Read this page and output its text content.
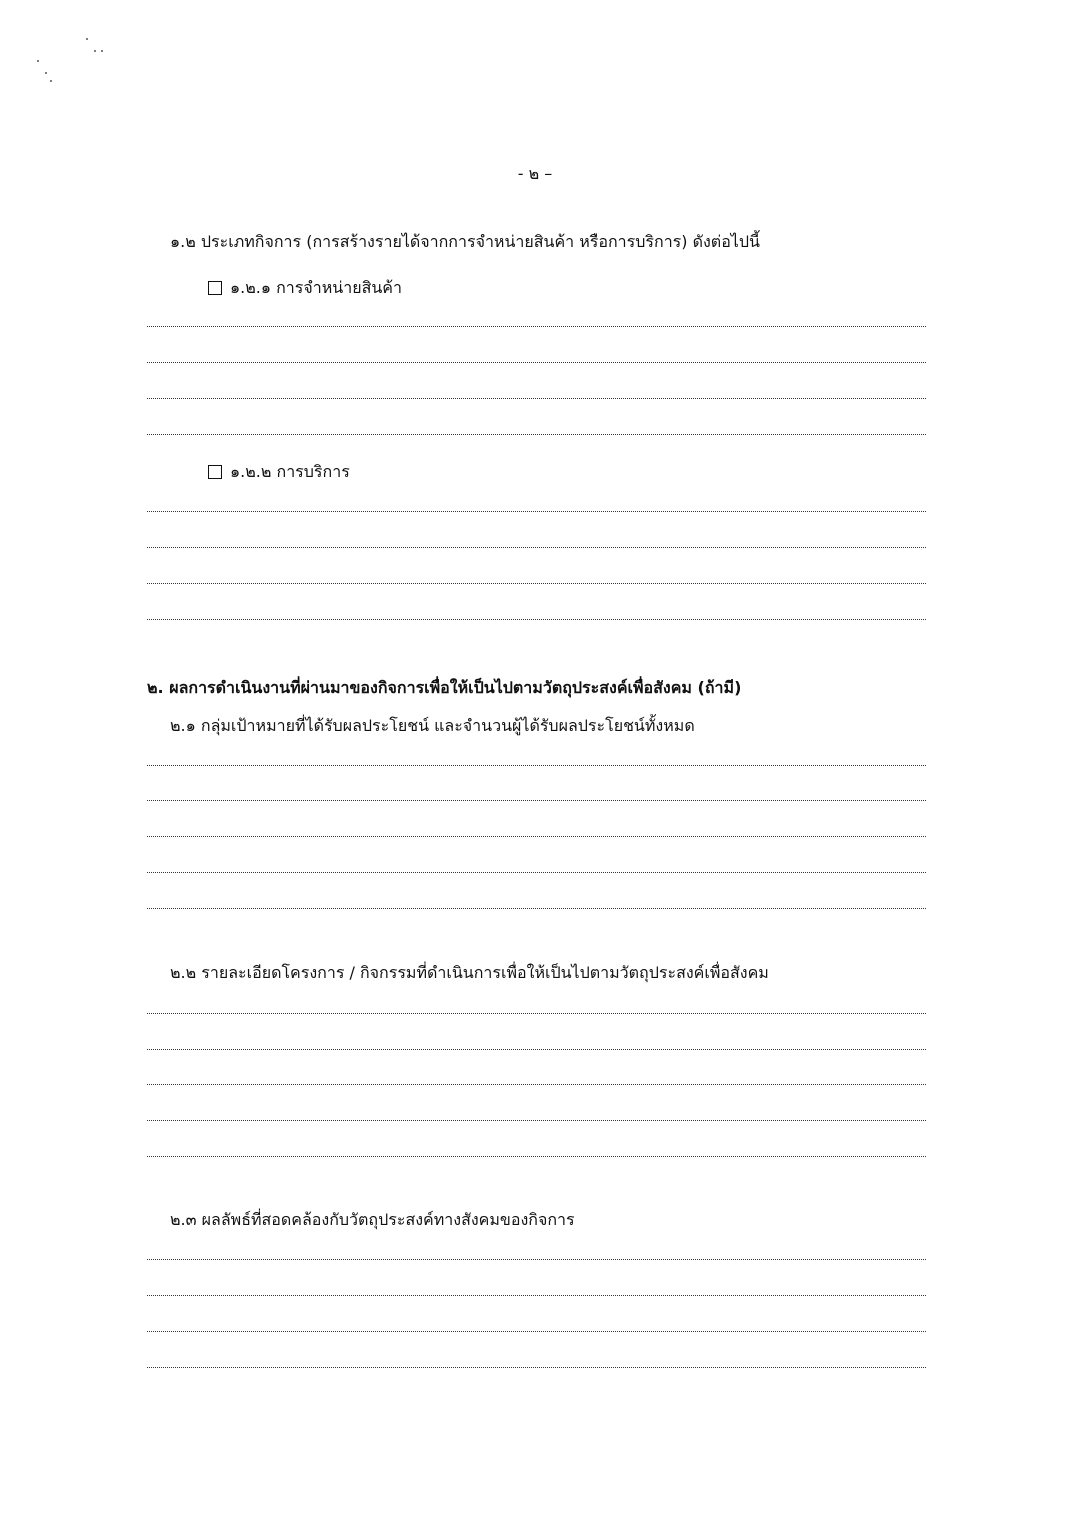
- ๒ –
๑.๒ ประเภทกิจการ (การสร้างรายได้จากการจำหน่ายสินค้า หรือการบริการ) ดังต่อไปนี้
๑.๒.๑ การจำหน่ายสินค้า
๑.๒.๒ การบริการ
๒. ผลการดำเนินงานที่ผ่านมาของกิจการเพื่อให้เป็นไปตามวัตถุประสงค์เพื่อสังคม (ถ้ามี)
๒.๑ กลุ่มเป้าหมายที่ได้รับผลประโยชน์ และจำนวนผู้ได้รับผลประโยชน์ทั้งหมด
๒.๒ รายละเอียดโครงการ / กิจกรรมที่ดำเนินการเพื่อให้เป็นไปตามวัตถุประสงค์เพื่อสังคม
๒.๓ ผลลัพธ์ที่สอดคล้องกับวัตถุประสงค์ทางสังคมของกิจการ
